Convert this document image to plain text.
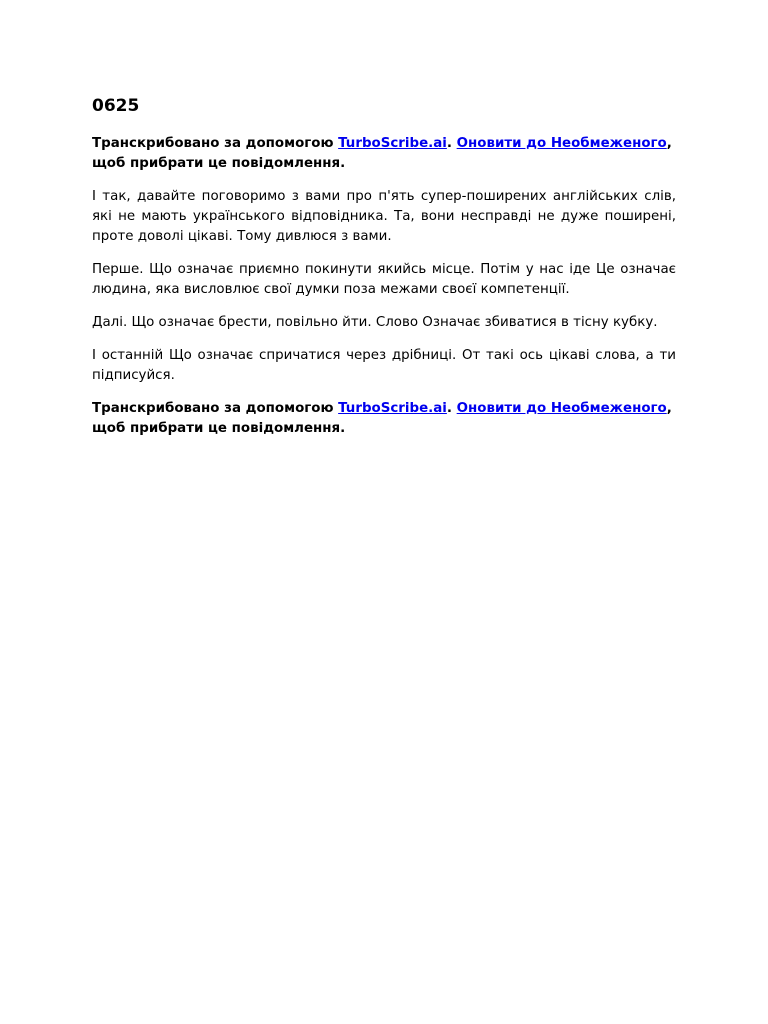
0625

Транскрибовано за допомогою TurboScribe.ai. Оновити до Необмеженого, щоб прибрати це повідомлення.

І так, давайте поговоримо з вами про п'ять супер-поширених англійських слів, які не мають українського відповідника. Та, вони несправді не дуже поширені, проте доволі цікаві. Тому дивлюся з вами.

Перше. Що означає приємно покинути якийсь місце. Потім у нас іде Це означає людина, яка висловлює свої думки поза межами своєї компетенції.

Далі. Що означає брести, повільно йти. Слово Означає збиватися в тісну кубку.

І останній Що означає спричатися через дрібниці. От такі ось цікаві слова, а ти підписуйся.

Транскрибовано за допомогою TurboScribe.ai. Оновити до Необмеженого, щоб прибрати це повідомлення.
